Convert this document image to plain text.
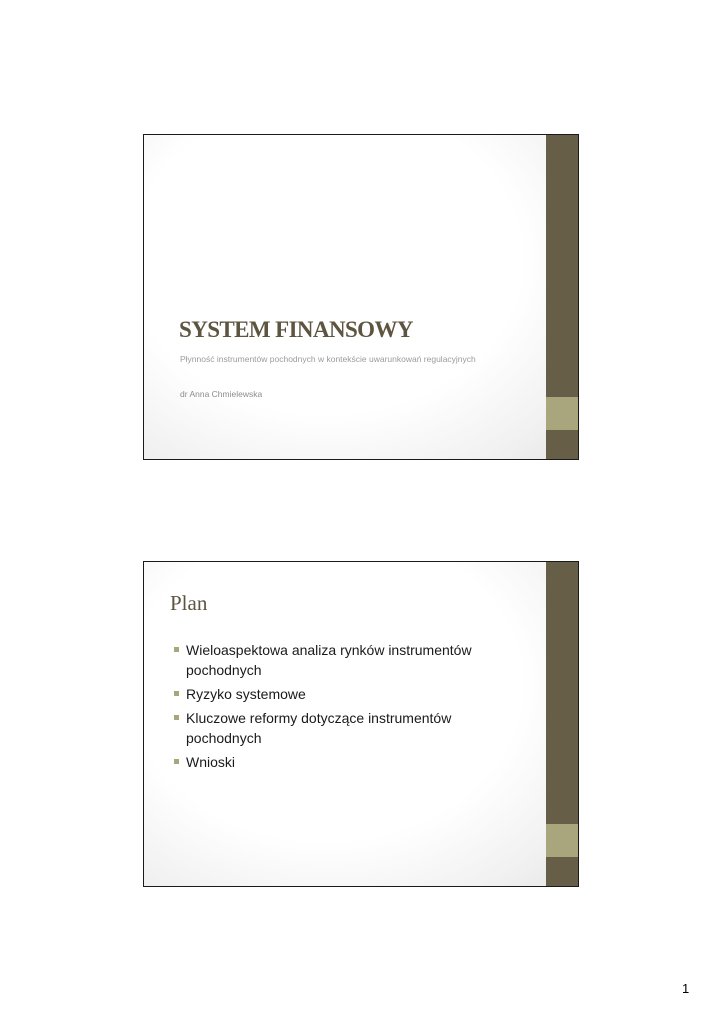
SYSTEM FINANSOWY
Płynność instrumentów pochodnych w kontekście uwarunkowań regulacyjnych
dr Anna Chmielewska
Plan
Wieloaspektowa analiza rynków instrumentów pochodnych
Ryzyko systemowe
Kluczowe reformy dotyczące instrumentów pochodnych
Wnioski
1
